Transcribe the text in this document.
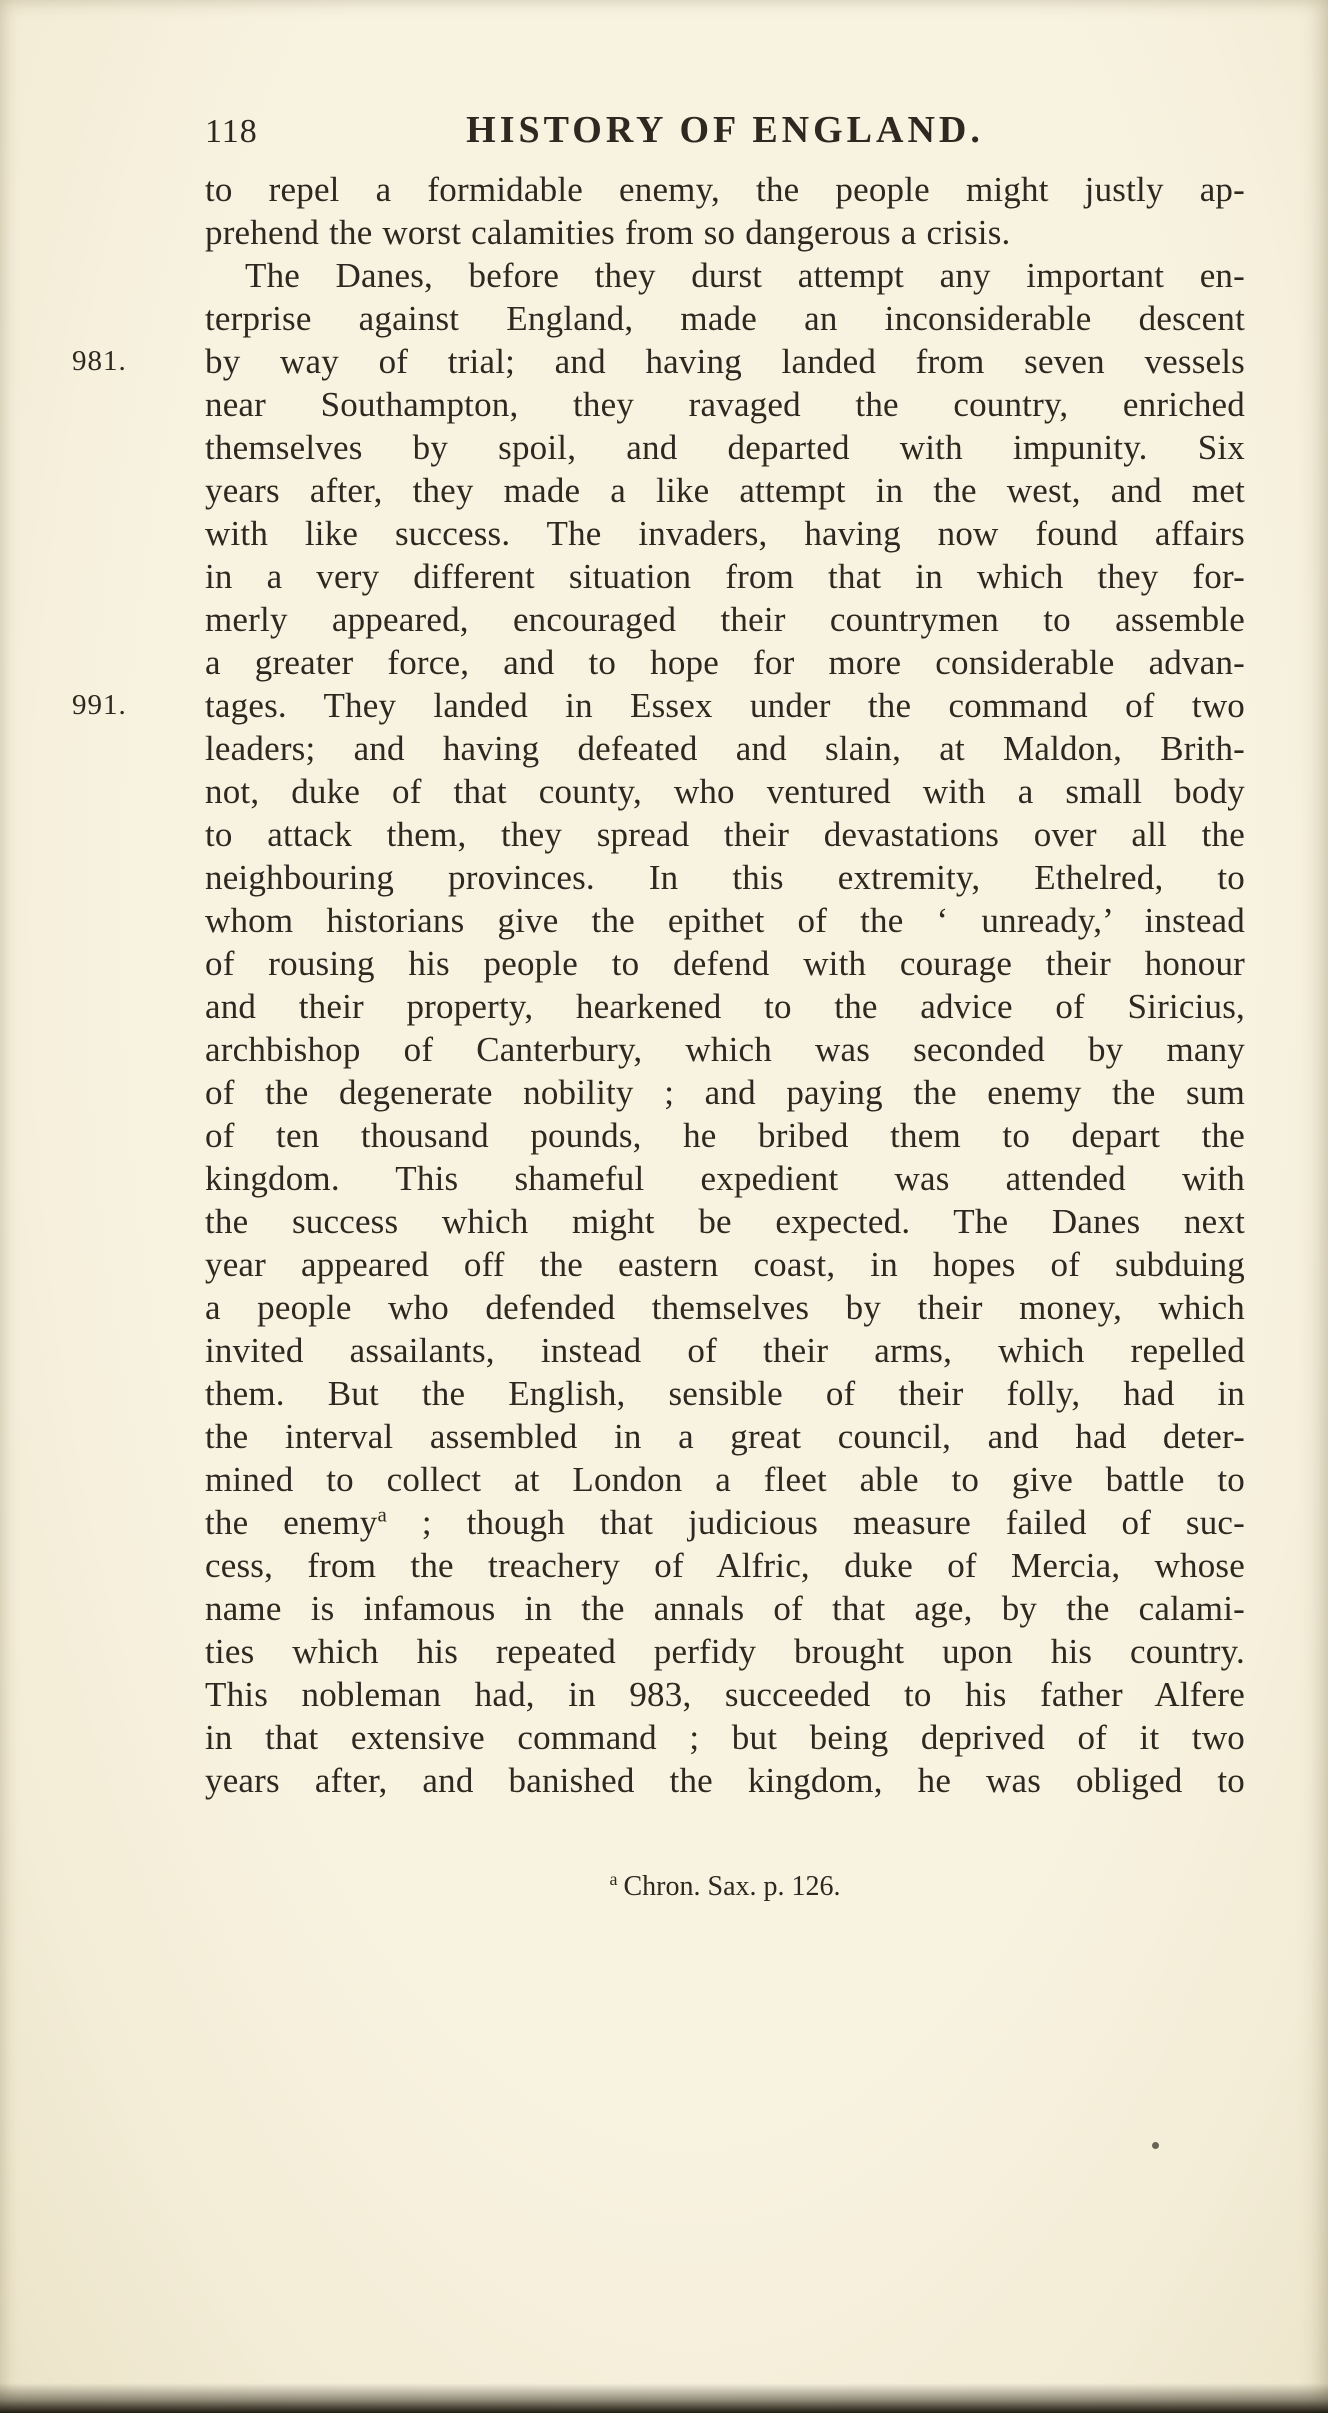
118	HISTORY OF ENGLAND.
to repel a formidable enemy, the people might justly ap-
prehend the worst calamities from so dangerous a crisis.
The Danes, before they durst attempt any important en-
terprise against England, made an inconsiderable descent
981.	by way of trial; and having landed from seven vessels
near Southampton, they ravaged the country, enriched
themselves by spoil, and departed with impunity. Six
years after, they made a like attempt in the west, and met
with like success. The invaders, having now found affairs
in a very different situation from that in which they for-
merly appeared, encouraged their countrymen to assemble
a greater force, and to hope for more considerable advan-
991.	tages. They landed in Essex under the command of two
leaders; and having defeated and slain, at Maldon, Brith-
not, duke of that county, who ventured with a small body
to attack them, they spread their devastations over all the
neighbouring provinces. In this extremity, Ethelred, to
whom historians give the epithet of the ‘ unready,’ instead
of rousing his people to defend with courage their honour
and their property, hearkened to the advice of Siricius,
archbishop of Canterbury, which was seconded by many
of the degenerate nobility ; and paying the enemy the sum
of ten thousand pounds, he bribed them to depart the
kingdom. This shameful expedient was attended with
the success which might be expected. The Danes next
year appeared off the eastern coast, in hopes of subduing
a people who defended themselves by their money, which
invited assailants, instead of their arms, which repelled
them. But the English, sensible of their folly, had in
the interval assembled in a great council, and had deter-
mined to collect at London a fleet able to give battle to
the enemy$^a$ ; though that judicious measure failed of suc-
cess, from the treachery of Alfric, duke of Mercia, whose
name is infamous in the annals of that age, by the calami-
ties which his repeated perfidy brought upon his country.
This nobleman had, in 983, succeeded to his father Alfere
in that extensive command ; but being deprived of it two
years after, and banished the kingdom, he was obliged to
$^a$ Chron. Sax. p. 126.
